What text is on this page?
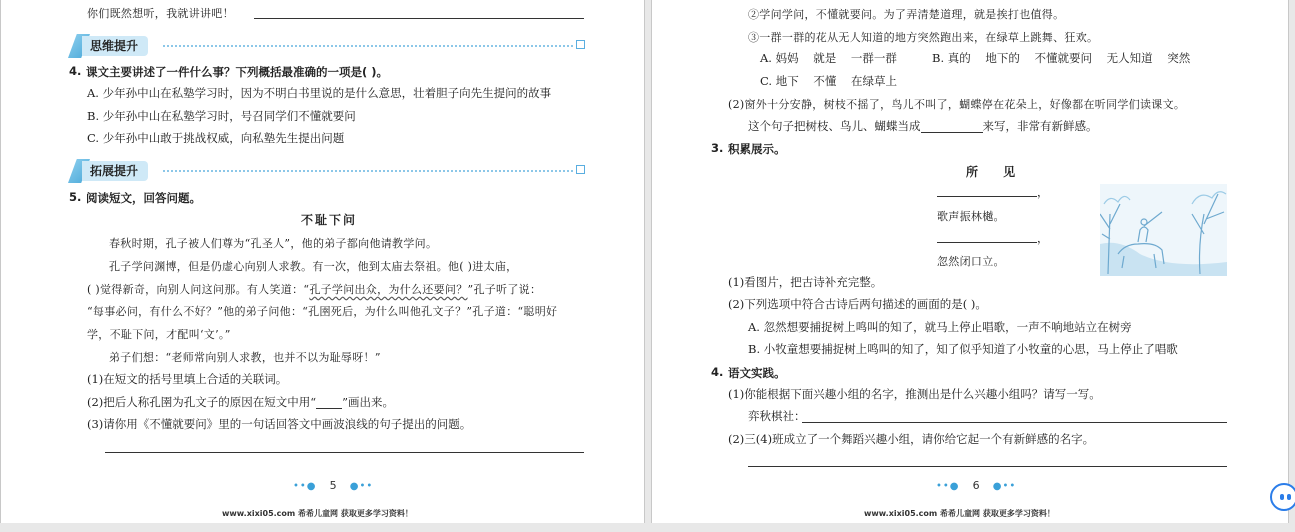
你们既然想听，我就讲讲吧！
思维提升
4. 课文主要讲述了一件什么事？下列概括最准确的一项是( )。
A. 少年孙中山在私塾学习时，因为不明白书里说的是什么意思，壮着胆子向先生提问的故事
B. 少年孙中山在私塾学习时，号召同学们不懂就要问
C. 少年孙中山敢于挑战权威，向私塾先生提出问题
拓展提升
5. 阅读短文，回答问题。
不耻下问
春秋时期，孔子被人们尊为“孔圣人”，他的弟子都向他请教学问。
孔子学问渊博，但是仍虚心向别人求教。有一次，他到太庙去祭祖。他( )进太庙，
( )觉得新奇，向别人问这问那。有人笑道：“孔子学问出众，为什么还要问？”孔子听了说：
“每事必问，有什么不好？”他的弟子问他：“孔圉死后，为什么叫他孔文子？”孔子道：“聪明好
学，不耻下问，才配叫‘文’。”
弟子们想：“老师常向别人求教，也并不以为耻辱呀！”
(1)在短文的括号里填上合适的关联词。
(2)把后人称孔圉为孔文子的原因在短文中用“ ”画出来。
(3)请你用《不懂就要问》里的一句话回答文中画波浪线的句子提出的问题。
••● 5 ●••
www.xixi05.com 希希儿童网 获取更多学习资料！
②学问学问，不懂就要问。为了弄清楚道理，就是挨打也值得。
③一群一群的花从无人知道的地方突然跑出来，在绿草上跳舞、狂欢。
A. 妈妈    就是    一群一群	B. 真的    地下的    不懂就要问    无人知道    突然
C. 地下    不懂    在绿草上
(2)窗外十分安静，树枝不摇了，鸟儿不叫了，蝴蝶停在花朵上，好像都在听同学们读课文。
这个句子把树枝、鸟儿、蝴蝶当成	来写，非常有新鲜感。
3. 积累展示。
所      见
，
歌声振林樾。
，
忽然闭口立。
(1)看图片，把古诗补充完整。
(2)下列选项中符合古诗后两句描述的画面的是( )。
A. 忽然想要捕捉树上鸣叫的知了，就马上停止唱歌，一声不响地站立在树旁
B. 小牧童想要捕捉树上鸣叫的知了，知了似乎知道了小牧童的心思，马上停止了唱歌
4. 语文实践。
(1)你能根据下面兴趣小组的名字，推测出是什么兴趣小组吗？请写一写。
弈秋棋社：
(2)三(4)班成立了一个舞蹈兴趣小组，请你给它起一个有新鲜感的名字。
••● 6 ●••
www.xixi05.com 希希儿童网 获取更多学习资料！
